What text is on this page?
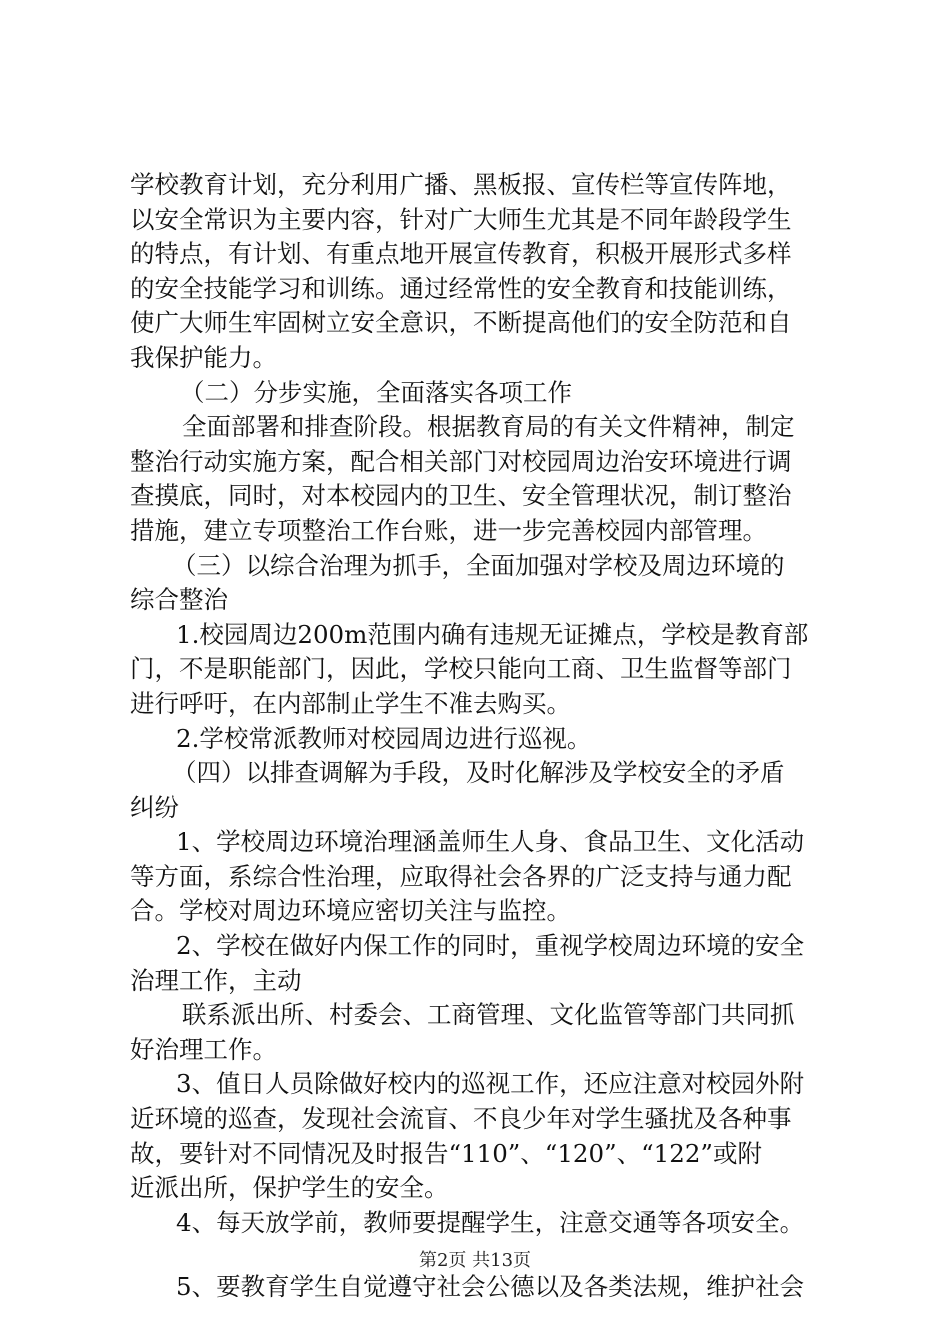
学校教育计划，充分利用广播、黑板报、宣传栏等宣传阵地，
以安全常识为主要内容，针对广大师生尤其是不同年龄段学生
的特点，有计划、有重点地开展宣传教育，积极开展形式多样
的安全技能学习和训练。通过经常性的安全教育和技能训练，
使广大师生牢固树立安全意识，不断提高他们的安全防范和自
我保护能力。
（二）分步实施，全面落实各项工作
全面部署和排查阶段。根据教育局的有关文件精神，制定
整治行动实施方案，配合相关部门对校园周边治安环境进行调
查摸底，同时，对本校园内的卫生、安全管理状况，制订整治
措施，建立专项整治工作台账，进一步完善校园内部管理。
（三）以综合治理为抓手，全面加强对学校及周边环境的
综合整治
1.校园周边200m范围内确有违规无证摊点，学校是教育部
门，不是职能部门，因此，学校只能向工商、卫生监督等部门
进行呼吁，在内部制止学生不准去购买。
2.学校常派教师对校园周边进行巡视。
（四）以排查调解为手段，及时化解涉及学校安全的矛盾
纠纷
1、学校周边环境治理涵盖师生人身、食品卫生、文化活动
等方面，系综合性治理，应取得社会各界的广泛支持与通力配
合。学校对周边环境应密切关注与监控。
2、学校在做好内保工作的同时，重视学校周边环境的安全
治理工作，主动
联系派出所、村委会、工商管理、文化监管等部门共同抓
好治理工作。
3、值日人员除做好校内的巡视工作，还应注意对校园外附
近环境的巡查，发现社会流盲、不良少年对学生骚扰及各种事
故，要针对不同情况及时报告“110”、“120”、“122”或附
近派出所，保护学生的安全。
4、每天放学前，教师要提醒学生，注意交通等各项安全。
5、要教育学生自觉遵守社会公德以及各类法规，维护社会
第2页 共13页
